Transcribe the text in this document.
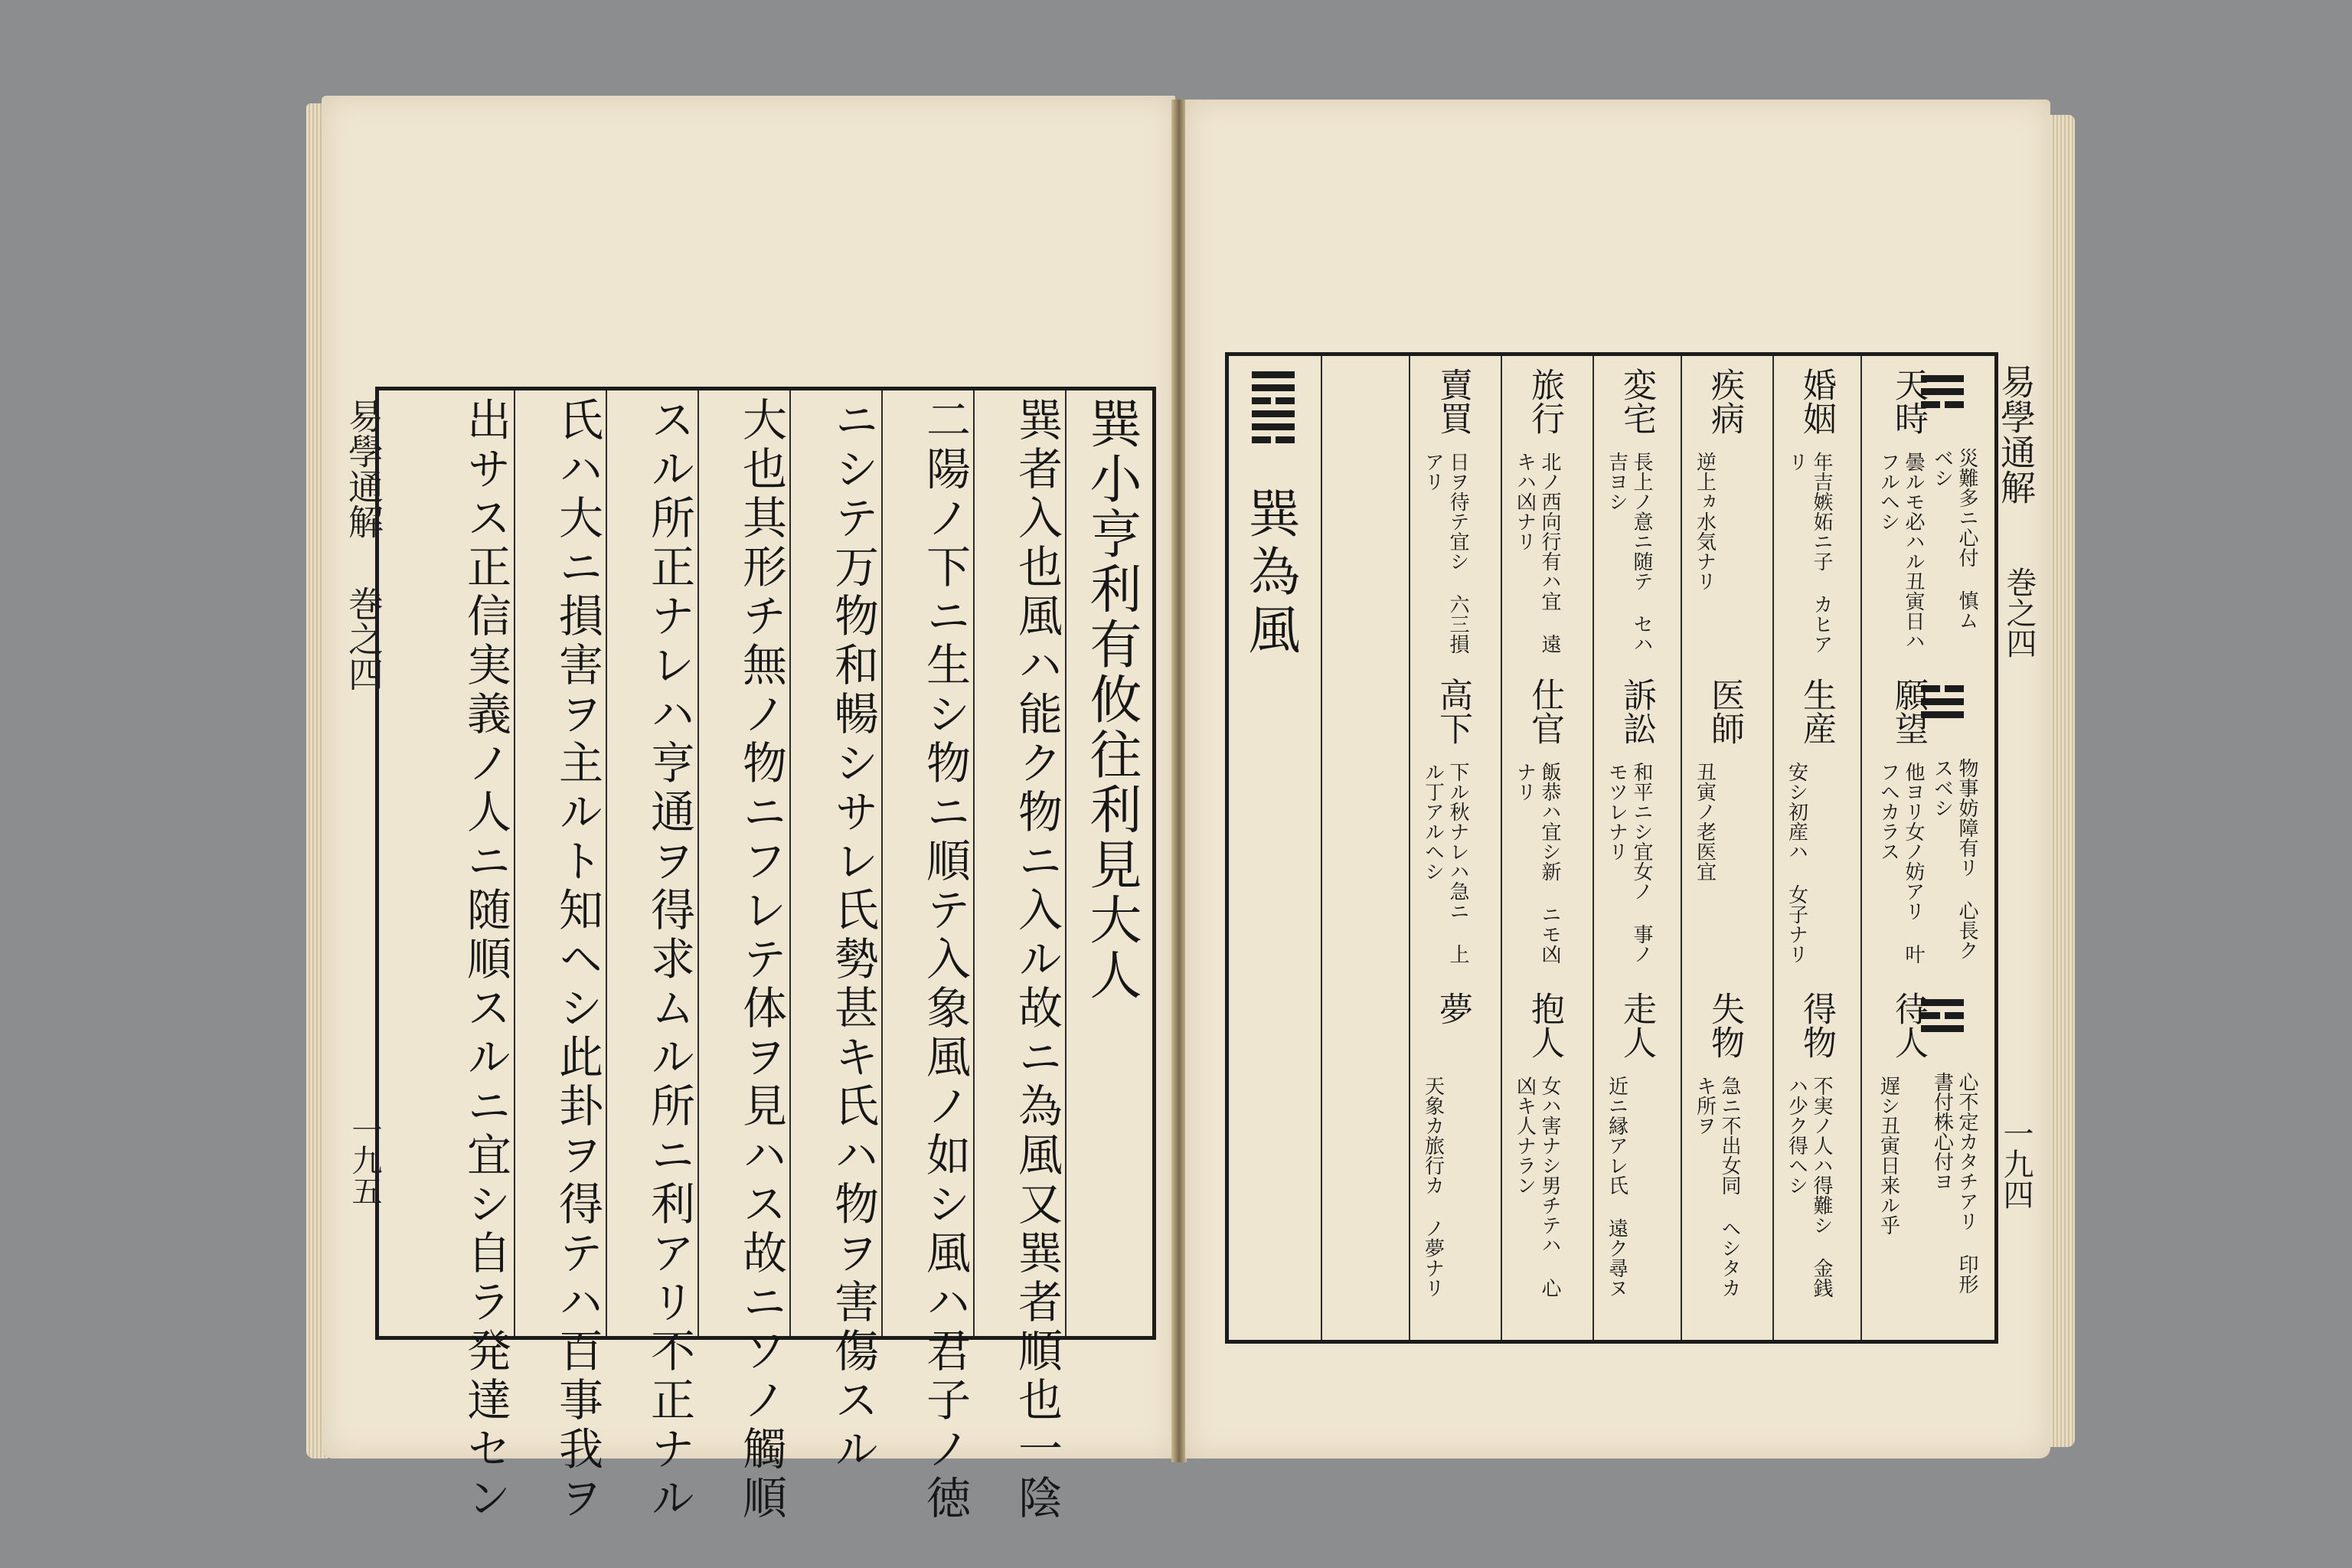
易學通解
巻之四
一九五
巽小亨利有攸往利見大人
巽者入也風ハ能ク物ニ入ル故ニ為風又巽者順也一陰
二陽ノ下ニ生シ物ニ順テ入象風ノ如シ風ハ君子ノ徳
ニシテ万物和暢シサレ氏勢甚キ氏ハ物ヲ害傷スル
大也其形チ無ノ物ニフレテ体ヲ見ハス故ニソノ觸順
スル所正ナレハ亨通ヲ得求ムル所ニ利アリ不正ナル
氏ハ大ニ損害ヲ主ルト知ヘシ此卦ヲ得テハ百事我ヲ
出サス正信実義ノ人ニ随順スルニ宜シ自ラ発達セン	易學通解
巻之四
一九四
巽為風	災難多ニ心付 慎ムベシ
物事妨障有リ 心長クスベシ
心不定カタチアリ 印形書付株心付ヨ
天時
曇ルモ必ハル丑寅日ハフルヘシ
願望
他ヨリ女ノ妨アリ 叶フヘカラス
待人
遅シ丑寅日来ル乎
婚姻
年吉嫉妬ニ子 カヒアリ
生産
安シ初産ハ 女子ナリ
得物
不実ノ人ハ得難シ 金銭ハ少ク得ヘシ
疾病
逆上ヵ水気ナリ
医師
丑寅ノ老医宜
失物
急ニ不出女同 ヘシタカキ所ヲ
変宅
長上ノ意ニ随テ セハ吉ヨシ
訴訟
和平ニシ宜女ノ 事ノモツレナリ
走人
近ニ縁アレ氏 遠ク尋ヌ
旅行
北ノ西向行有ハ宜 遠キハ凶ナリ
仕官
飯恭ハ宜シ新 ニモ凶ナリ
抱人
女ハ害ナシ男チテハ 心凶キ人ナラン
賣買
日ヲ待テ宜シ 六三損アリ
高下
下ル秋ナレハ急ニ 上ル丁アルヘシ
夢
天象カ旅行カ ノ夢ナリ
